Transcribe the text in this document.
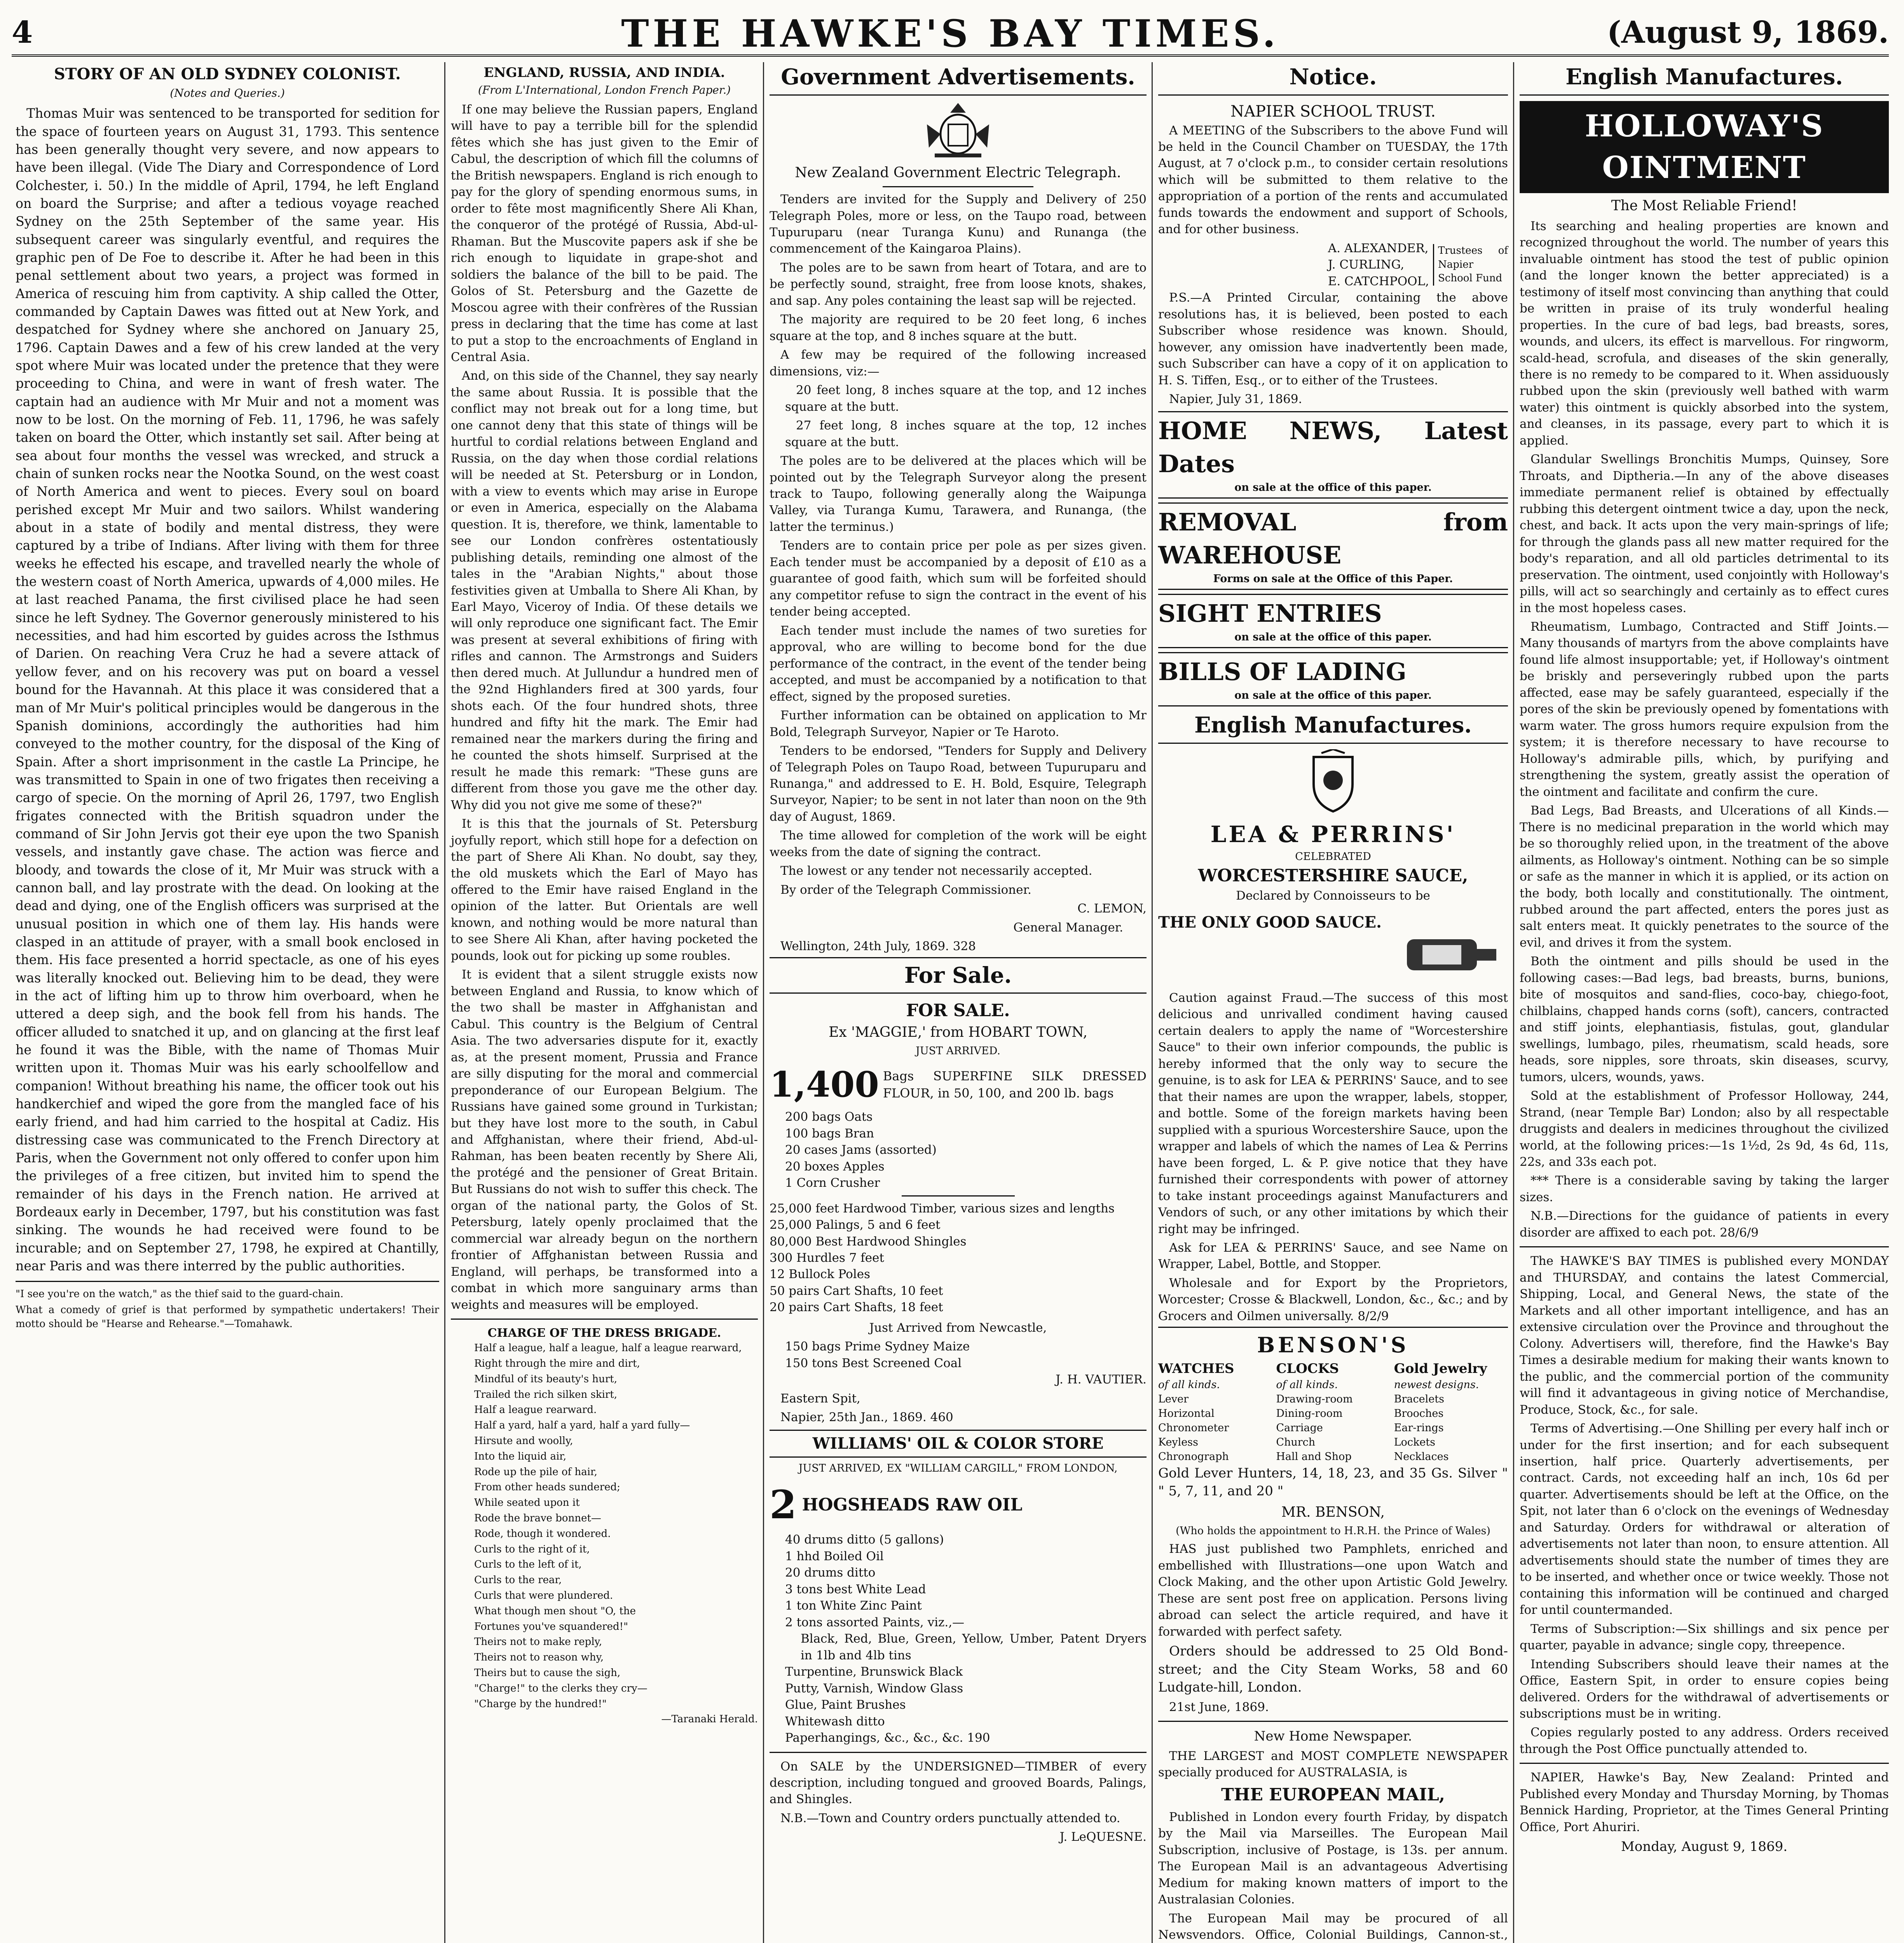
4	THE HAWKE'S BAY TIMES.	(August 9, 1869.
STORY OF AN OLD SYDNEY COLONIST.
(Notes and Queries.)

Thomas Muir was sentenced to be transported for sedition for the space of fourteen years on August 31, 1793. This sentence has been generally thought very severe, and now appears to have been illegal. (Vide The Diary and Correspondence of Lord Colchester, i. 50.) In the middle of April, 1794, he left England on board the Surprise; and after a tedious voyage reached Sydney on the 25th September of the same year. His subsequent career was singularly eventful, and requires the graphic pen of De Foe to describe it. After he had been in this penal settlement about two years, a project was formed in America of rescuing him from captivity. A ship called the Otter, commanded by Captain Dawes was fitted out at New York, and despatched for Sydney where she anchored on January 25, 1796. Captain Dawes and a few of his crew landed at the very spot where Muir was located under the pretence that they were proceeding to China, and were in want of fresh water. The captain had an audience with Mr Muir and not a moment was now to be lost. On the morning of Feb. 11, 1796, he was safely taken on board the Otter, which instantly set sail. After being at sea about four months the vessel was wrecked, and struck a chain of sunken rocks near the Nootka Sound, on the west coast of North America and went to pieces. Every soul on board perished except Mr Muir and two sailors. Whilst wandering about in a state of bodily and mental distress, they were captured by a tribe of Indians. After living with them for three weeks he effected his escape, and travelled nearly the whole of the western coast of North America, upwards of 4,000 miles. He at last reached Panama, the first civilised place he had seen since he left Sydney. The Governor generously ministered to his necessities, and had him escorted by guides across the Isthmus of Darien. On reaching Vera Cruz he had a severe attack of yellow fever, and on his recovery was put on board a vessel bound for the Havannah. At this place it was considered that a man of Mr Muir's political principles would be dangerous in the Spanish dominions, accordingly the authorities had him conveyed to the mother country, for the disposal of the King of Spain. After a short imprisonment in the castle La Principe, he was transmitted to Spain in one of two frigates then receiving a cargo of specie. On the morning of April 26, 1797, two English frigates connected with the British squadron under the command of Sir John Jervis got their eye upon the two Spanish vessels, and instantly gave chase. The action was fierce and bloody, and towards the close of it, Mr Muir was struck with a cannon ball, and lay prostrate with the dead. On looking at the dead and dying, one of the English officers was surprised at the unusual position in which one of them lay. His hands were clasped in an attitude of prayer, with a small book enclosed in them. His face presented a horrid spectacle, as one of his eyes was literally knocked out. Believing him to be dead, they were in the act of lifting him up to throw him overboard, when he uttered a deep sigh, and the book fell from his hands. The officer alluded to snatched it up, and on glancing at the first leaf he found it was the Bible, with the name of Thomas Muir written upon it. Thomas Muir was his early schoolfellow and companion! Without breathing his name, the officer took out his handkerchief and wiped the gore from the mangled face of his early friend, and had him carried to the hospital at Cadiz. His distressing case was communicated to the French Directory at Paris, when the Government not only offered to confer upon him the privileges of a free citizen, but invited him to spend the remainder of his days in the French nation. He arrived at Bordeaux early in December, 1797, but his constitution was fast sinking. The wounds he had received were found to be incurable; and on September 27, 1798, he expired at Chantilly, near Paris and was there interred by the public authorities.

"I see you're on the watch," as the thief said to the guard-chain.

What a comedy of grief is that performed by sympathetic undertakers! Their motto should be "Hearse and Rehearse."—Tomahawk.

ENGLAND, RUSSIA, AND INDIA.
(From L'International, London French Paper.)

If one may believe the Russian papers, England will have to pay a terrible bill for the splendid fêtes which she has just given to the Emir of Cabul, the description of which fill the columns of the British newspapers. England is rich enough to pay for the glory of spending enormous sums, in order to fête most magnificently Shere Ali Khan, the conqueror of the protégé of Russia, Abd-ul-Rhaman. But the Muscovite papers ask if she be rich enough to liquidate in grape-shot and soldiers the balance of the bill to be paid. The Golos of St. Petersburg and the Gazette de Moscou agree with their confrères of the Russian press in declaring that the time has come at last to put a stop to the encroachments of England in Central Asia.

And, on this side of the Channel, they say nearly the same about Russia. It is possible that the conflict may not break out for a long time, but one cannot deny that this state of things will be hurtful to cordial relations between England and Russia, on the day when those cordial relations will be needed at St. Petersburg or in London, with a view to events which may arise in Europe or even in America, especially on the Alabama question. It is, therefore, we think, lamentable to see our London confrères ostentatiously publishing details, reminding one almost of the tales in the "Arabian Nights," about those festivities given at Umballa to Shere Ali Khan, by Earl Mayo, Viceroy of India. Of these details we will only reproduce one significant fact. The Emir was present at several exhibitions of firing with rifles and cannon. The Armstrongs and Suiders then dered much. At Jullundur a hundred men of the 92nd Highlanders fired at 300 yards, four shots each. Of the four hundred shots, three hundred and fifty hit the mark. The Emir had remained near the markers during the firing and he counted the shots himself. Surprised at the result he made this remark: "These guns are different from those you gave me the other day. Why did you not give me some of these?"

It is this that the journals of St. Petersburg joyfully report, which still hope for a defection on the part of Shere Ali Khan. No doubt, say they, the old muskets which the Earl of Mayo has offered to the Emir have raised England in the opinion of the latter. But Orientals are well known, and nothing would be more natural than to see Shere Ali Khan, after having pocketed the pounds, look out for picking up some roubles.

It is evident that a silent struggle exists now between England and Russia, to know which of the two shall be master in Affghanistan and Cabul. This country is the Belgium of Central Asia. The two adversaries dispute for it, exactly as, at the present moment, Prussia and France are silly disputing for the moral and commercial preponderance of our European Belgium. The Russians have gained some ground in Turkistan; but they have lost more to the south, in Cabul and Affghanistan, where their friend, Abd-ul-Rahman, has been beaten recently by Shere Ali, the protégé and the pensioner of Great Britain. But Russians do not wish to suffer this check. The organ of the national party, the Golos of St. Petersburg, lately openly proclaimed that the commercial war already begun on the northern frontier of Affghanistan between Russia and England, will perhaps, be transformed into a combat in which more sanguinary arms than weights and measures will be employed.

CHARGE OF THE DRESS BRIGADE.

Half a league, half a league, half a league rearward,

Right through the mire and dirt,

Mindful of its beauty's hurt,

Trailed the rich silken skirt,

Half a league rearward.

Half a yard, half a yard, half a yard fully—

Hirsute and woolly,

Into the liquid air,

Rode up the pile of hair,

From other heads sundered;

While seated upon it

Rode the brave bonnet—

Rode, though it wondered.

Curls to the right of it,

Curls to the left of it,

Curls to the rear,

Curls that were plundered.

What though men shout "O, the

Fortunes you've squandered!"

Theirs not to make reply,

Theirs not to reason why,

Theirs but to cause the sigh,

"Charge!" to the clerks they cry—

"Charge by the hundred!"

—Taranaki Herald.

Government Advertisements.
New Zealand Government Electric Telegraph.

Tenders are invited for the Supply and Delivery of 250 Telegraph Poles, more or less, on the Taupo road, between Tupuruparu (near Turanga Kunu) and Runanga (the commencement of the Kaingaroa Plains).

The poles are to be sawn from heart of Totara, and are to be perfectly sound, straight, free from loose knots, shakes, and sap. Any poles containing the least sap will be rejected.

The majority are required to be 20 feet long, 6 inches square at the top, and 8 inches square at the butt.

A few may be required of the following increased dimensions, viz:—

20 feet long, 8 inches square at the top, and 12 inches square at the butt.

27 feet long, 8 inches square at the top, 12 inches square at the butt.

The poles are to be delivered at the places which will be pointed out by the Telegraph Surveyor along the present track to Taupo, following generally along the Waipunga Valley, via Turanga Kumu, Tarawera, and Runanga, (the latter the terminus.)

Tenders are to contain price per pole as per sizes given. Each tender must be accompanied by a deposit of £10 as a guarantee of good faith, which sum will be forfeited should any competitor refuse to sign the contract in the event of his tender being accepted.

Each tender must include the names of two sureties for approval, who are willing to become bond for the due performance of the contract, in the event of the tender being accepted, and must be accompanied by a notification to that effect, signed by the proposed sureties.

Further information can be obtained on application to Mr Bold, Telegraph Surveyor, Napier or Te Haroto.

Tenders to be endorsed, "Tenders for Supply and Delivery of Telegraph Poles on Taupo Road, between Tupuruparu and Runanga," and addressed to E. H. Bold, Esquire, Telegraph Surveyor, Napier; to be sent in not later than noon on the 9th day of August, 1869.

The time allowed for completion of the work will be eight weeks from the date of signing the contract.

The lowest or any tender not necessarily accepted.

By order of the Telegraph Commissioner.

C. LEMON,

General Manager.

Wellington, 24th July, 1869. 328

For Sale.
FOR SALE.

Ex 'MAGGIE,' from HOBART TOWN,

JUST ARRIVED.

1,400 Bags SUPERFINE SILK DRESSED FLOUR, in 50, 100, and 200 lb. bags
200 bags Oats
100 bags Bran
20 cases Jams (assorted)
20 boxes Apples
1 Corn Crusher
25,000 feet Hardwood Timber, various sizes and lengths
25,000 Palings, 5 and 6 feet
80,000 Best Hardwood Shingles
300 Hurdles 7 feet
12 Bullock Poles
50 pairs Cart Shafts, 10 feet
20 pairs Cart Shafts, 18 feet

Just Arrived from Newcastle,

150 bags Prime Sydney Maize
150 tons Best Screened Coal

J. H. VAUTIER.

Eastern Spit,

Napier, 25th Jan., 1869. 460

WILLIAMS' OIL & COLOR STORE

JUST ARRIVED, EX "WILLIAM CARGILL," FROM LONDON,

2 HOGSHEADS RAW OIL
40 drums ditto (5 gallons)
1 hhd Boiled Oil
20 drums ditto
3 tons best White Lead
1 ton White Zinc Paint
2 tons assorted Paints, viz.,—
Black, Red, Blue, Green, Yellow, Umber, Patent Dryers in 1lb and 4lb tins
Turpentine, Brunswick Black
Putty, Varnish, Window Glass
Glue, Paint Brushes
Whitewash ditto
Paperhangings, &c., &c., &c. 190

On SALE by the UNDERSIGNED—TIMBER of every description, including tongued and grooved Boards, Palings, and Shingles.

N.B.—Town and Country orders punctually attended to.

J. LeQUESNE.

Notice.
NAPIER SCHOOL TRUST.

A MEETING of the Subscribers to the above Fund will be held in the Council Chamber on TUESDAY, the 17th August, at 7 o'clock p.m., to consider certain resolutions which will be submitted to them relative to the appropriation of a portion of the rents and accumulated funds towards the endowment and support of Schools, and for other business.

A. ALEXANDER,
J. CURLING,
E. CATCHPOOL,
Trustees of Napier School Fund

P.S.—A Printed Circular, containing the above resolutions has, it is believed, been posted to each Subscriber whose residence was known. Should, however, any omission have inadvertently been made, such Subscriber can have a copy of it on application to H. S. Tiffen, Esq., or to either of the Trustees.

Napier, July 31, 1869.

HOME NEWS, Latest Dates
on sale at the office of this paper.
REMOVAL from WAREHOUSE
Forms on sale at the Office of this Paper.
SIGHT ENTRIES
on sale at the office of this paper.
BILLS OF LADING
on sale at the office of this paper.
English Manufactures.
LEA & PERRINS'
CELEBRATED
WORCESTERSHIRE SAUCE,
Declared by Connoisseurs to be
THE ONLY GOOD SAUCE.

Caution against Fraud.—The success of this most delicious and unrivalled condiment having caused certain dealers to apply the name of "Worcestershire Sauce" to their own inferior compounds, the public is hereby informed that the only way to secure the genuine, is to ask for LEA & PERRINS' Sauce, and to see that their names are upon the wrapper, labels, stopper, and bottle. Some of the foreign markets having been supplied with a spurious Worcestershire Sauce, upon the wrapper and labels of which the names of Lea & Perrins have been forged, L. & P. give notice that they have furnished their correspondents with power of attorney to take instant proceedings against Manufacturers and Vendors of such, or any other imitations by which their right may be infringed.

Ask for LEA & PERRINS' Sauce, and see Name on Wrapper, Label, Bottle, and Stopper.

Wholesale and for Export by the Proprietors, Worcester; Crosse & Blackwell, London, &c., &c.; and by Grocers and Oilmen universally. 8/2/9

BENSON'S
WATCHES
of all kinds.
Lever
Horizontal
Chronometer
Keyless
Chronograph
CLOCKS
of all kinds.
Drawing-room
Dining-room
Carriage
Church
Hall and Shop
Gold Jewelry
newest designs.
Bracelets
Brooches
Ear-rings
Lockets
Necklaces

Gold Lever Hunters, 14, 18, 23, and 35 Gs. Silver " " 5, 7, 11, and 20 "

MR. BENSON,

(Who holds the appointment to H.R.H. the Prince of Wales)

HAS just published two Pamphlets, enriched and embellished with Illustrations—one upon Watch and Clock Making, and the other upon Artistic Gold Jewelry. These are sent post free on application. Persons living abroad can select the article required, and have it forwarded with perfect safety.

Orders should be addressed to 25 Old Bond-street; and the City Steam Works, 58 and 60 Ludgate-hill, London.

21st June, 1869.

New Home Newspaper.

THE LARGEST and MOST COMPLETE NEWSPAPER specially produced for AUSTRALASIA, is

THE EUROPEAN MAIL,

Published in London every fourth Friday, by dispatch by the Mail via Marseilles. The European Mail Subscription, inclusive of Postage, is 13s. per annum. The European Mail is an advantageous Advertising Medium for making known matters of import to the Australasian Colonies.

The European Mail may be procured of all Newsvendors. Office, Colonial Buildings, Cannon-st.,

English Manufactures.
HOLLOWAY'S OINTMENT

The Most Reliable Friend!

Its searching and healing properties are known and recognized throughout the world. The number of years this invaluable ointment has stood the test of public opinion (and the longer known the better appreciated) is a testimony of itself most convincing than anything that could be written in praise of its truly wonderful healing properties. In the cure of bad legs, bad breasts, sores, wounds, and ulcers, its effect is marvellous. For ringworm, scald-head, scrofula, and diseases of the skin generally, there is no remedy to be compared to it. When assiduously rubbed upon the skin (previously well bathed with warm water) this ointment is quickly absorbed into the system, and cleanses, in its passage, every part to which it is applied.

Glandular Swellings Bronchitis Mumps, Quinsey, Sore Throats, and Diptheria.—In any of the above diseases immediate permanent relief is obtained by effectually rubbing this detergent ointment twice a day, upon the neck, chest, and back. It acts upon the very main-springs of life; for through the glands pass all new matter required for the body's reparation, and all old particles detrimental to its preservation. The ointment, used conjointly with Holloway's pills, will act so searchingly and certainly as to effect cures in the most hopeless cases.

Rheumatism, Lumbago, Contracted and Stiff Joints.—Many thousands of martyrs from the above complaints have found life almost insupportable; yet, if Holloway's ointment be briskly and perseveringly rubbed upon the parts affected, ease may be safely guaranteed, especially if the pores of the skin be previously opened by fomentations with warm water. The gross humors require expulsion from the system; it is therefore necessary to have recourse to Holloway's admirable pills, which, by purifying and strengthening the system, greatly assist the operation of the ointment and facilitate and confirm the cure.

Bad Legs, Bad Breasts, and Ulcerations of all Kinds.—There is no medicinal preparation in the world which may be so thoroughly relied upon, in the treatment of the above ailments, as Holloway's ointment. Nothing can be so simple or safe as the manner in which it is applied, or its action on the body, both locally and constitutionally. The ointment, rubbed around the part affected, enters the pores just as salt enters meat. It quickly penetrates to the source of the evil, and drives it from the system.

Both the ointment and pills should be used in the following cases:—Bad legs, bad breasts, burns, bunions, bite of mosquitos and sand-flies, coco-bay, chiego-foot, chilblains, chapped hands corns (soft), cancers, contracted and stiff joints, elephantiasis, fistulas, gout, glandular swellings, lumbago, piles, rheumatism, scald heads, sore heads, sore nipples, sore throats, skin diseases, scurvy, tumors, ulcers, wounds, yaws.

Sold at the establishment of Professor Holloway, 244, Strand, (near Temple Bar) London; also by all respectable druggists and dealers in medicines throughout the civilized world, at the following prices:—1s 1½d, 2s 9d, 4s 6d, 11s, 22s, and 33s each pot.

*** There is a considerable saving by taking the larger sizes.

N.B.—Directions for the guidance of patients in every disorder are affixed to each pot. 28/6/9

The HAWKE'S BAY TIMES is published every MONDAY and THURSDAY, and contains the latest Commercial, Shipping, Local, and General News, the state of the Markets and all other important intelligence, and has an extensive circulation over the Province and throughout the Colony. Advertisers will, therefore, find the Hawke's Bay Times a desirable medium for making their wants known to the public, and the commercial portion of the community will find it advantageous in giving notice of Merchandise, Produce, Stock, &c., for sale.

Terms of Advertising.—One Shilling per every half inch or under for the first insertion; and for each subsequent insertion, half price. Quarterly advertisements, per contract. Cards, not exceeding half an inch, 10s 6d per quarter. Advertisements should be left at the Office, on the Spit, not later than 6 o'clock on the evenings of Wednesday and Saturday. Orders for withdrawal or alteration of advertisements not later than noon, to ensure attention. All advertisements should state the number of times they are to be inserted, and whether once or twice weekly. Those not containing this information will be continued and charged for until countermanded.

Terms of Subscription:—Six shillings and six pence per quarter, payable in advance; single copy, threepence.

Intending Subscribers should leave their names at the Office, Eastern Spit, in order to ensure copies being delivered. Orders for the withdrawal of advertisements or subscriptions must be in writing.

Copies regularly posted to any address. Orders received through the Post Office punctually attended to.

NAPIER, Hawke's Bay, New Zealand: Printed and Published every Monday and Thursday Morning, by Thomas Bennick Harding, Proprietor, at the Times General Printing Office, Port Ahuriri.

Monday, August 9, 1869.
